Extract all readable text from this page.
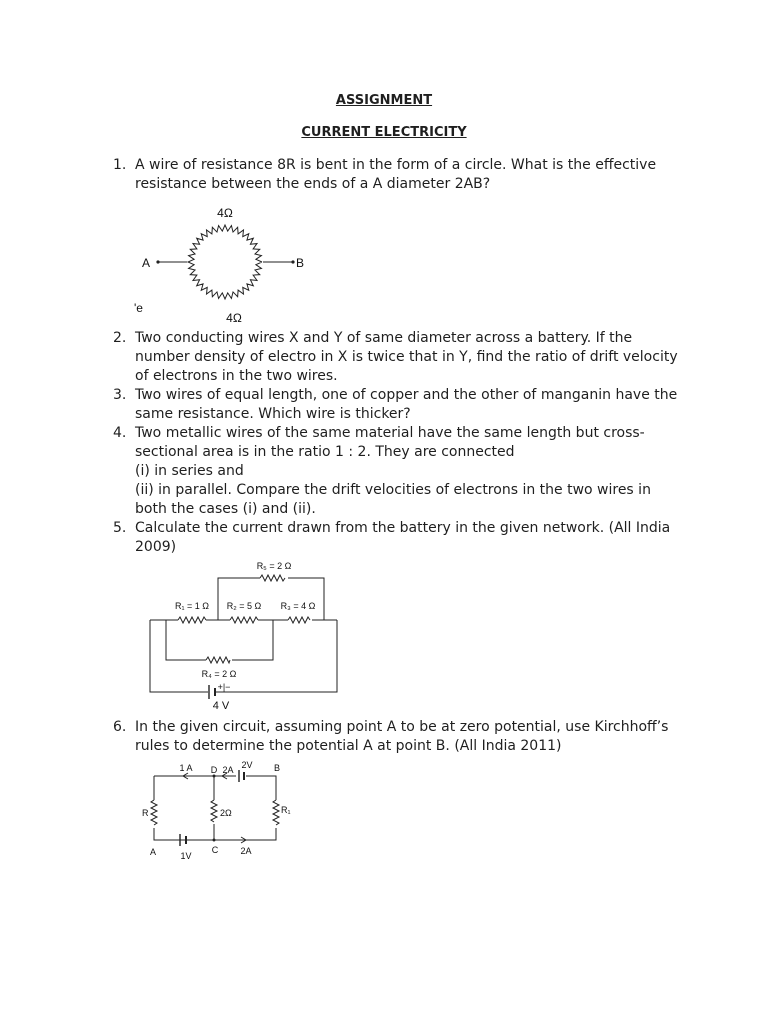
ASSIGNMENT
CURRENT ELECTRICITY
1. A wire of resistance 8R is bent in the form of a circle. What is the effective resistance between the ends of a A diameter 2AB?
4Ω
4Ω
A	B
'e
2. Two conducting wires X and Y of same diameter across a battery. If the number density of electro in X is twice that in Y, find the ratio of drift velocity of electrons in the two wires.
3. Two wires of equal length, one of copper and the other of manganin have the same resistance. Which wire is thicker?
4. Two metallic wires of the same material have the same length but cross-sectional area is in the ratio 1 : 2. They are connected
(i) in series and
(ii) in parallel. Compare the drift velocities of electrons in the two wires in both the cases (i) and (ii).
5. Calculate the current drawn from the battery in the given network. (All India 2009)
R₅ = 2 Ω
R₁ = 1 Ω R₂ = 5 Ω R₃ = 4 Ω
R₄ = 2 Ω
+|−
4 V
6. In the given circuit, assuming point A to be at zero potential, use Kirchhoff’s rules to determine the potential A at point B. (All India 2011)
1 A D 2A 2V B
R	2Ω	R₁
A	C
1V	2A
